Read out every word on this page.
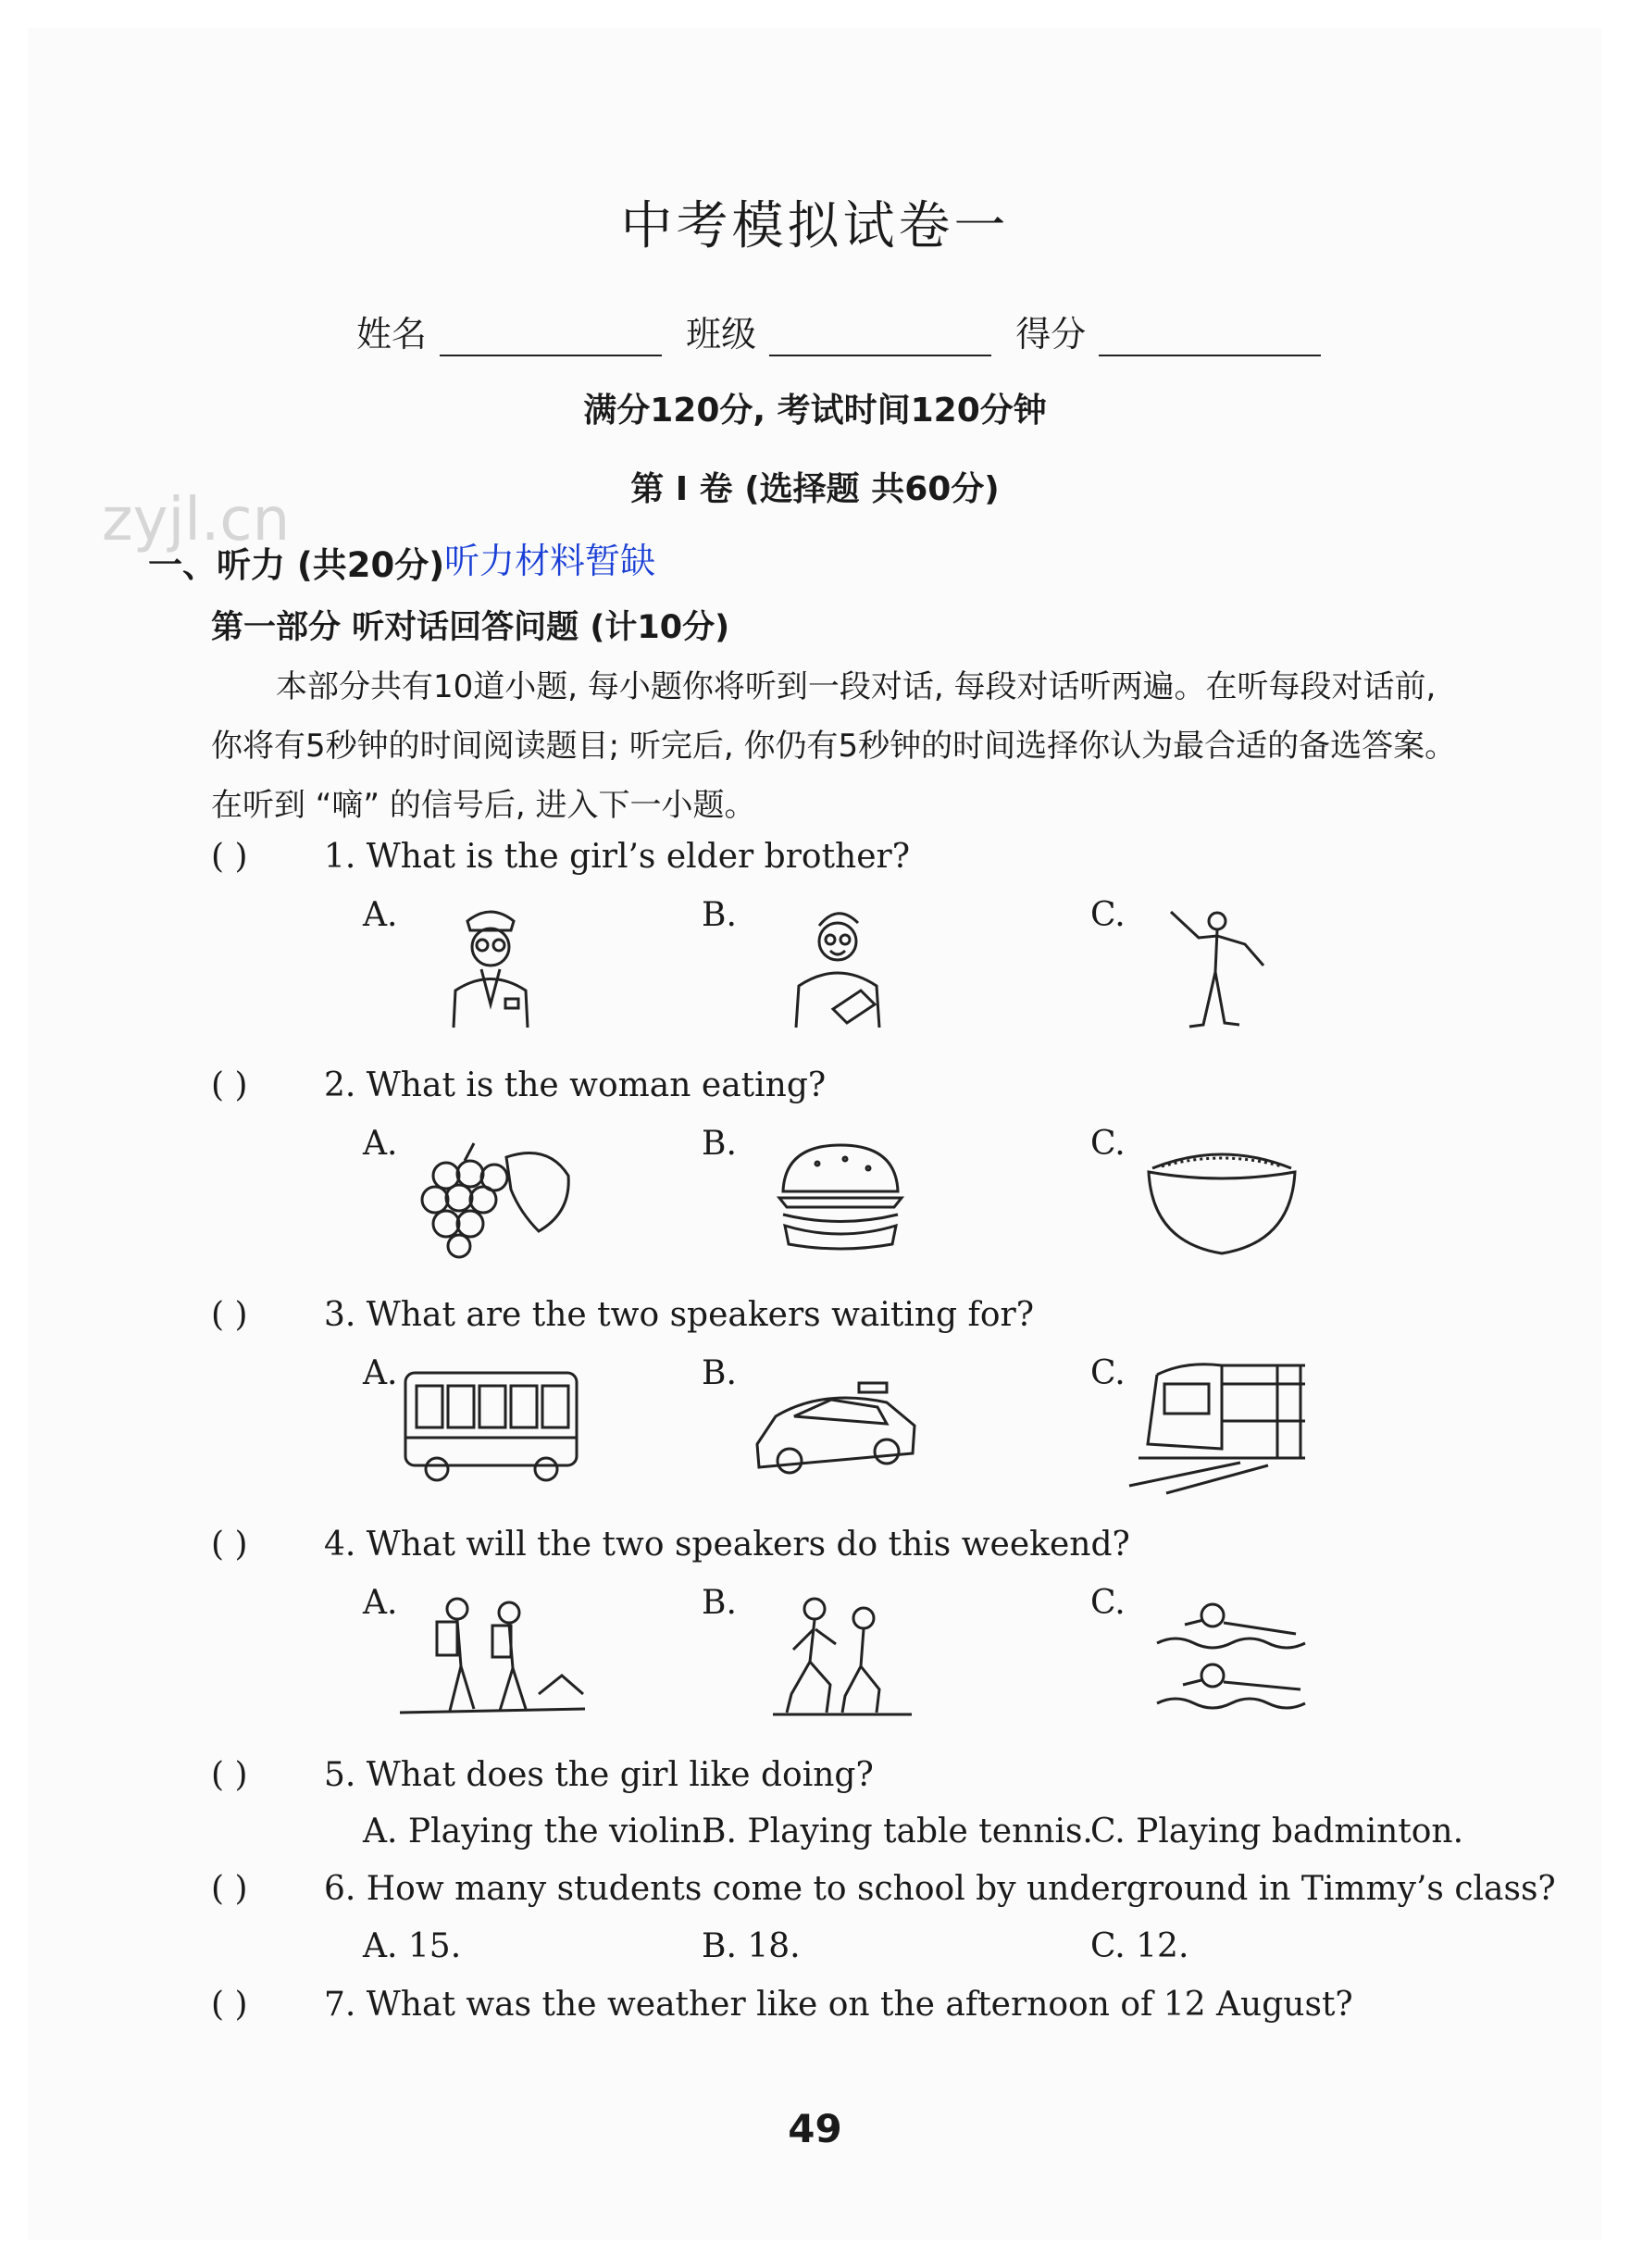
zyjl.cn
中考模拟试卷一
姓名	班级	得分
满分120分, 考试时间120分钟
第 I 卷 (选择题 共60分)
一、听力 (共20分) 听力材料暂缺
第一部分 听对话回答问题 (计10分)
本部分共有10道小题, 每小题你将听到一段对话, 每段对话听两遍。在听每段对话前, 你将有5秒钟的时间阅读题目; 听完后, 你仍有5秒钟的时间选择你认为最合适的备选答案。在听到 “嘀” 的信号后, 进入下一小题。
( ) 1. What is the girl’s elder brother?
A.	B.	C.
( ) 2. What is the woman eating?
A.	B.	C.
( ) 3. What are the two speakers waiting for?
A.	B.	C.
( ) 4. What will the two speakers do this weekend?
A.	B.	C.
( ) 5. What does the girl like doing?
A. Playing the violin.
B. Playing table tennis.
C. Playing badminton.
( ) 6. How many students come to school by underground in Timmy’s class?
A. 15.	B. 18.	C. 12.
( ) 7. What was the weather like on the afternoon of 12 August?
49
